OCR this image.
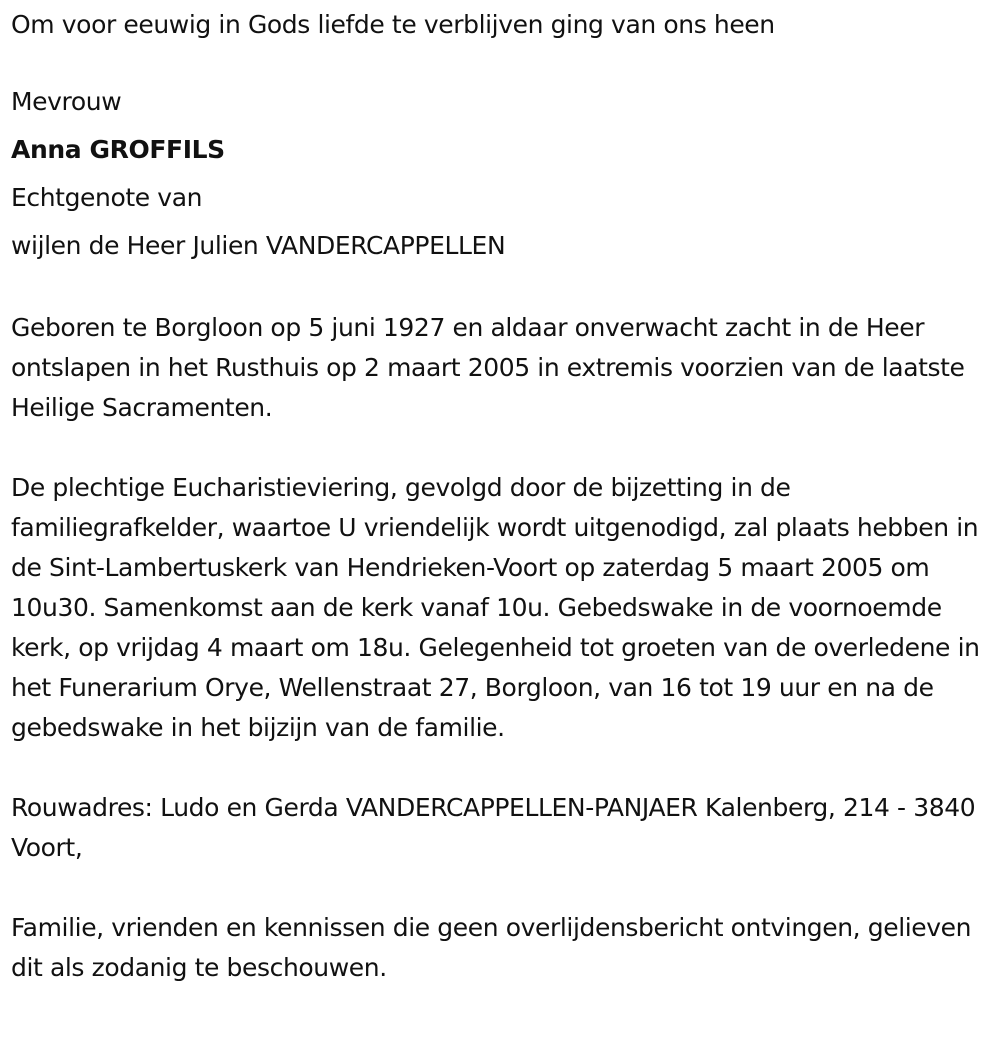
Om voor eeuwig in Gods liefde te verblijven ging van ons heen

Mevrouw

Anna GROFFILS

Echtgenote van

wijlen de Heer Julien VANDERCAPPELLEN

Geboren te Borgloon op 5 juni 1927 en aldaar onverwacht zacht in de Heer ontslapen in het Rusthuis op 2 maart 2005 in extremis voorzien van de laatste Heilige Sacramenten.

De plechtige Eucharistieviering, gevolgd door de bijzetting in de familiegrafkelder, waartoe U vriendelijk wordt uitgenodigd, zal plaats hebben in de Sint-Lambertuskerk van Hendrieken-Voort op zaterdag 5 maart 2005 om 10u30. Samenkomst aan de kerk vanaf 10u. Gebedswake in de voornoemde kerk, op vrijdag 4 maart om 18u. Gelegenheid tot groeten van de overledene in het Funerarium Orye, Wellenstraat 27, Borgloon, van 16 tot 19 uur en na de gebedswake in het bijzijn van de familie.

Rouwadres: Ludo en Gerda VANDERCAPPELLEN-PANJAER Kalenberg, 214 - 3840 Voort,

Familie, vrienden en kennissen die geen overlijdensbericht ontvingen, gelieven dit als zodanig te beschouwen.
